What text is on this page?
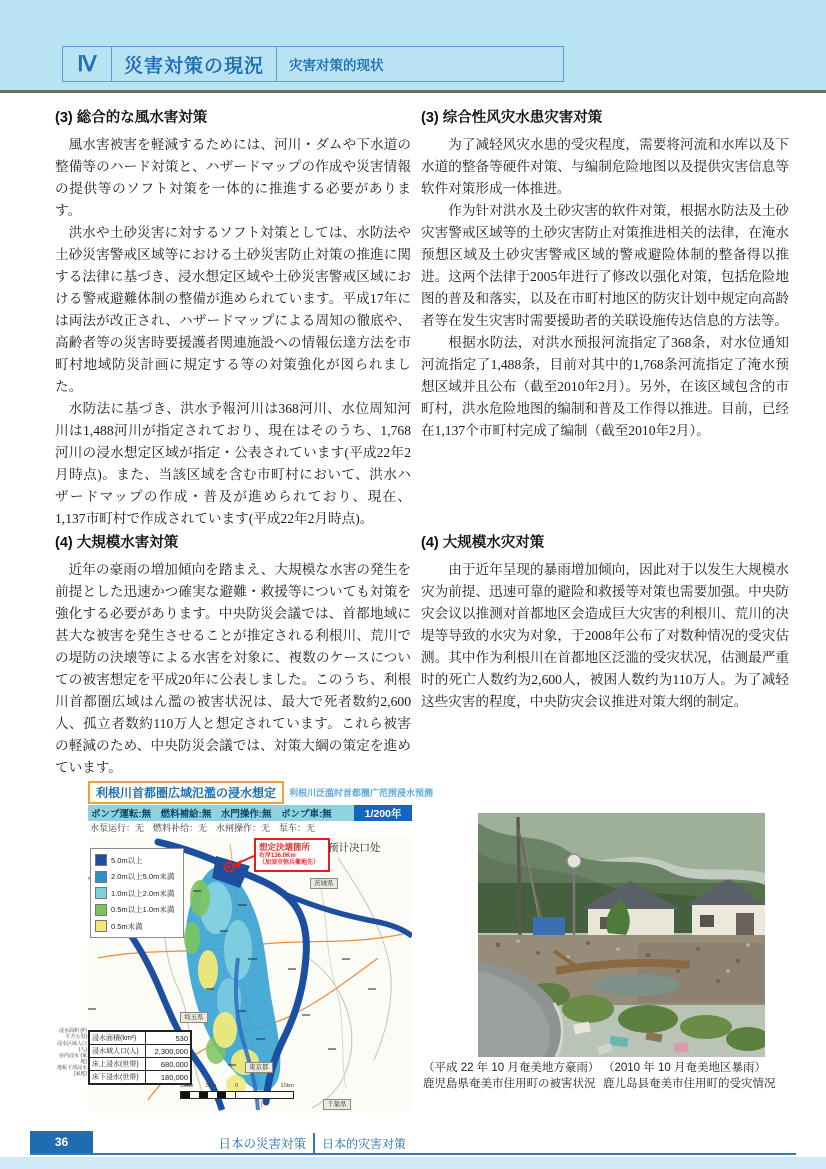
Ⅳ	災害対策の現況	灾害对策的现状
(3) 総合的な風水害対策

風水害被害を軽減するためには、河川・ダムや下水道の整備等のハード対策と、ハザードマップの作成や災害情報の提供等のソフト対策を一体的に推進する必要があります。

洪水や土砂災害に対するソフト対策としては、水防法や土砂災害警戒区域等における土砂災害防止対策の推進に関する法律に基づき、浸水想定区域や土砂災害警戒区域における警戒避難体制の整備が進められています。平成17年には両法が改正され、ハザードマップによる周知の徹底や、高齢者等の災害時要援護者関連施設への情報伝達方法を市町村地域防災計画に規定する等の対策強化が図られました。

水防法に基づき、洪水予報河川は368河川、水位周知河川は1,488河川が指定されており、現在はそのうち、1,768河川の浸水想定区域が指定・公表されています(平成22年2月時点)。また、当該区域を含む市町村において、洪水ハザードマップの作成・普及が進められており、現在、1,137市町村で作成されています(平成22年2月時点)。

(4) 大規模水害対策

近年の豪雨の増加傾向を踏まえ、大規模な水害の発生を前提とした迅速かつ確実な避難・救援等についても対策を強化する必要があります。中央防災会議では、首都地域に甚大な被害を発生させることが推定される利根川、荒川での堤防の決壊等による水害を対象に、複数のケースについての被害想定を平成20年に公表しました。このうち、利根川首都圏広域はん濫の被害状況は、最大で死者数約2,600人、孤立者数約110万人と想定されています。これら被害の軽減のため、中央防災会議では、対策大綱の策定を進めています。

(3) 综合性风灾水患灾害对策

为了减轻风灾水患的受灾程度，需要将河流和水库以及下水道的整备等硬件对策、与编制危险地图以及提供灾害信息等软件对策形成一体推进。

作为针对洪水及土砂灾害的软件对策，根据水防法及土砂灾害警戒区域等的土砂灾害防止对策推进相关的法律，在淹水预想区域及土砂灾害警戒区域的警戒避险体制的整备得以推进。这两个法律于2005年进行了修改以强化对策，包括危险地图的普及和落实，以及在市町村地区的防灾计划中规定向高龄者等在发生灾害时需要援助者的关联设施传达信息的方法等。

根据水防法，对洪水预报河流指定了368条，对水位通知河流指定了1,488条，目前对其中的1,768条河流指定了淹水预想区域并且公布（截至2010年2月）。另外，在该区域包含的市町村，洪水危险地图的编制和普及工作得以推进。目前，已经在1,137个市町村完成了编制（截至2010年2月）。

(4) 大规模水灾对策

由于近年呈现的暴雨增加倾向，因此对于以发生大规模水灾为前提、迅速可靠的避险和救援等对策也需要加强。中央防灾会议以推测对首都地区会造成巨大灾害的利根川、荒川的决堤等导致的水灾为对象，于2008年公布了对数种情况的受灾估测。其中作为利根川在首都地区泛滥的受灾状况，估测最严重时的死亡人数约为2,600人，被困人数约为110万人。为了减轻这些灾害的程度，中央防灾会议推进对策大纲的制定。

利根川首都圏広域氾濫の浸水想定	利根川泛滥时首都圈广范围浸水预测
ポンプ運転:無　燃料補給:無　水門操作:無　ポンプ車:無	1/200年
水泵运行：无　燃料补给：无　水闸操作：无　泵车：无
5.0m以上
2.0m以上5.0m未満
1.0m以上2.0m未満
0.5m以上1.0m未満
0.5m未満
想定決壊箇所
右岸136.0Km
（加須市弥兵衛地先）
预计决口处
茨城県
埼玉県
東京都
千葉県
浸水面積(km²)	530
浸水域人口(人)	2,300,000
床上浸水(世帯)	680,000
床下浸水(世帯)	180,000
浸水面积 (约平方公里)
浸水区域人口 (人)
房内浸水 (家庭)
地板下部浸水 (家庭)
10km 5km	0	10km
（平成 22 年 10 月奄美地方豪雨）
鹿児島県奄美市住用町の被害状況
（2010 年 10 月奄美地区暴雨）
鹿儿岛县奄美市住用町的受灾情况
36	日本の災害対策 日本的灾害对策
